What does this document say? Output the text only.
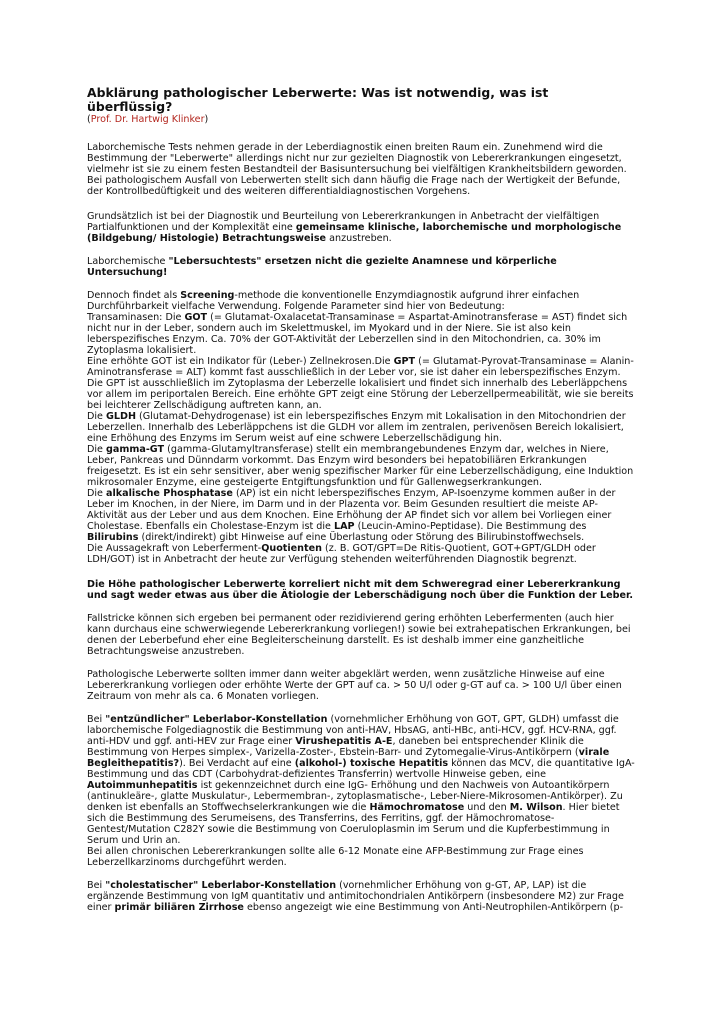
Abklärung pathologischer Leberwerte: Was ist notwendig, was ist überflüssig?
(Prof. Dr. Hartwig Klinker)

Laborchemische Tests nehmen gerade in der Leberdiagnostik einen breiten Raum ein. Zunehmend wird die Bestimmung der "Leberwerte" allerdings nicht nur zur gezielten Diagnostik von Lebererkrankungen eingesetzt, vielmehr ist sie zu einem festen Bestandteil der Basisuntersuchung bei vielfältigen Krankheitsbildern geworden. Bei pathologischem Ausfall von Leberwerten stellt sich dann häufig die Frage nach der Wertigkeit der Befunde, der Kontrollbedüftigkeit und des weiteren differentialdiagnostischen Vorgehens.

Grundsätzlich ist bei der Diagnostik und Beurteilung von Lebererkrankungen in Anbetracht der vielfältigen Partialfunktionen und der Komplexität eine gemeinsame klinische, laborchemische und morphologische (Bildgebung/ Histologie) Betrachtungsweise anzustreben.

Laborchemische "Lebersuchtests" ersetzen nicht die gezielte Anamnese und körperliche Untersuchung!

Dennoch findet als Screening-methode die konventionelle Enzymdiagnostik aufgrund ihrer einfachen Durchführbarkeit vielfache Verwendung. Folgende Parameter sind hier von Bedeutung:
Transaminasen: Die GOT (= Glutamat-Oxalacetat-Transaminase = Aspartat-Aminotransferase = AST) findet sich nicht nur in der Leber, sondern auch im Skelettmuskel, im Myokard und in der Niere. Sie ist also kein leberspezifisches Enzym. Ca. 70% der GOT-Aktivität der Leberzellen sind in den Mitochondrien, ca. 30% im Zytoplasma lokalisiert.
Eine erhöhte GOT ist ein Indikator für (Leber-) Zellnekrosen.Die GPT (= Glutamat-Pyrovat-Transaminase = Alanin-Aminotransferase = ALT) kommt fast ausschließlich in der Leber vor, sie ist daher ein leberspezifisches Enzym. Die GPT ist ausschließlich im Zytoplasma der Leberzelle lokalisiert und findet sich innerhalb des Leberläppchens vor allem im periportalen Bereich. Eine erhöhte GPT zeigt eine Störung der Leberzellpermeabilität, wie sie bereits bei leichterer Zellschädigung auftreten kann, an.
Die GLDH (Glutamat-Dehydrogenase) ist ein leberspezifisches Enzym mit Lokalisation in den Mitochondrien der Leberzellen. Innerhalb des Leberläppchens ist die GLDH vor allem im zentralen, perivenösen Bereich lokalisiert, eine Erhöhung des Enzyms im Serum weist auf eine schwere Leberzellschädigung hin.
Die gamma-GT (gamma-Glutamyltransferase) stellt ein membrangebundenes Enzym dar, welches in Niere, Leber, Pankreas und Dünndarm vorkommt. Das Enzym wird besonders bei hepatobiliären Erkrankungen freigesetzt. Es ist ein sehr sensitiver, aber wenig spezifischer Marker für eine Leberzellschädigung, eine Induktion mikrosomaler Enzyme, eine gesteigerte Entgiftungsfunktion und für Gallenwegserkrankungen.
Die alkalische Phosphatase (AP) ist ein nicht leberspezifisches Enzym, AP-Isoenzyme kommen außer in der Leber im Knochen, in der Niere, im Darm und in der Plazenta vor. Beim Gesunden resultiert die meiste AP-Aktivität aus der Leber und aus dem Knochen. Eine Erhöhung der AP findet sich vor allem bei Vorliegen einer Cholestase. Ebenfalls ein Cholestase-Enzym ist die LAP (Leucin-Amino-Peptidase). Die Bestimmung des Bilirubins (direkt/indirekt) gibt Hinweise auf eine Überlastung oder Störung des Bilirubinstoffwechsels.
Die Aussagekraft von Leberferment-Quotienten (z. B. GOT/GPT=De Ritis-Quotient, GOT+GPT/GLDH oder LDH/GOT) ist in Anbetracht der heute zur Verfügung stehenden weiterführenden Diagnostik begrenzt.

Die Höhe pathologischer Leberwerte korreliert nicht mit dem Schweregrad einer Lebererkrankung und sagt weder etwas aus über die Ätiologie der Leberschädigung noch über die Funktion der Leber.

Fallstricke können sich ergeben bei permanent oder rezidivierend gering erhöhten Leberfermenten (auch hier kann durchaus eine schwerwiegende Lebererkrankung vorliegen!) sowie bei extrahepatischen Erkrankungen, bei denen der Leberbefund eher eine Begleiterscheinung darstellt. Es ist deshalb immer eine ganzheitliche Betrachtungsweise anzustreben.

Pathologische Leberwerte sollten immer dann weiter abgeklärt werden, wenn zusätzliche Hinweise auf eine Lebererkrankung vorliegen oder erhöhte Werte der GPT auf ca. > 50 U/l oder g-GT auf ca. > 100 U/l über einen Zeitraum von mehr als ca. 6 Monaten vorliegen.

Bei "entzündlicher" Leberlabor-Konstellation (vornehmlicher Erhöhung von GOT, GPT, GLDH) umfasst die laborchemische Folgediagnostik die Bestimmung von anti-HAV, HbsAG, anti-HBc, anti-HCV, ggf. HCV-RNA, ggf. anti-HDV und ggf. anti-HEV zur Frage einer Virushepatitis A-E, daneben bei entsprechender Klinik die Bestimmung von Herpes simplex-, Varizella-Zoster-, Ebstein-Barr- und Zytomegalie-Virus-Antikörpern (virale Begleithepatitis?). Bei Verdacht auf eine (alkohol-) toxische Hepatitis können das MCV, die quantitative IgA-Bestimmung und das CDT (Carbohydrat-defizientes Transferrin) wertvolle Hinweise geben, eine Autoimmunhepatitis ist gekennzeichnet durch eine IgG- Erhöhung und den Nachweis von Autoantikörpern (antinukleäre-, glatte Muskulatur-, Lebermembran-, zytoplasmatische-, Leber-Niere-Mikrosomen-Antikörper). Zu denken ist ebenfalls an Stoffwechselerkrankungen wie die Hämochromatose und den M. Wilson. Hier bietet sich die Bestimmung des Serumeisens, des Transferrins, des Ferritins, ggf. der Hämochromatose-Gentest/Mutation C282Y sowie die Bestimmung von Coeruloplasmin im Serum und die Kupferbestimmung in Serum und Urin an.
Bei allen chronischen Lebererkrankungen sollte alle 6-12 Monate eine AFP-Bestimmung zur Frage eines Leberzellkarzinoms durchgeführt werden.

Bei "cholestatischer" Leberlabor-Konstellation (vornehmlicher Erhöhung von g-GT, AP, LAP) ist die ergänzende Bestimmung von IgM quantitativ und antimitochondrialen Antikörpern (insbesondere M2) zur Frage einer primär biliären Zirrhose ebenso angezeigt wie eine Bestimmung von Anti-Neutrophilen-Antikörpern (p-
